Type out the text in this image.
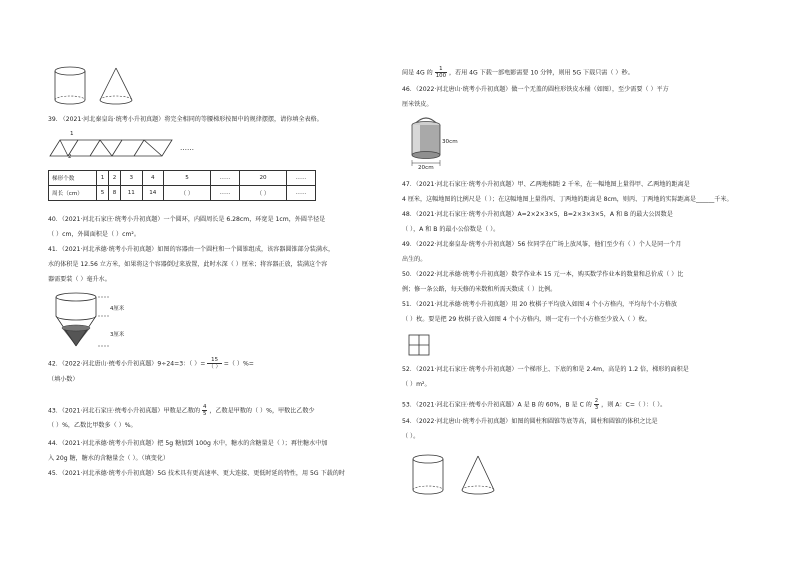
39. （2021·河北秦皇岛·统考小升初真题）将完全相同的等腰梯形按图中的规律摆摆，请你填全表格。
1
2
……
梯形个数	1	2	3	4	5	……	20	……
周长（cm）	5	8	11	14	（ ）	……	（ ）	……
40．（2021·河北石家庄·统考小升初真题）一个圆环，内圆周长是 6.28cm，环宽是 1cm，外圆半径是
（ ）cm，外圆面积是（ ）cm²。
41．（2021·河北承德·统考小升初真题）如图的容器由一个圆柱和一个圆锥组成，该容器圆锥部分装满水，
水的体积是 12.56 立方米，如果将这个容器倒过来放置，此时水深（ ）厘米；将容器正放，装满这个容
器需要装（ ）毫升水。
4厘米
3厘米
42．（2022·河北唐山·统考小升初真题）9÷24=3：（ ）= $\frac{15}{( )}$ =（ ）%=
（填小数）
43．（2021·河北石家庄·统考小升初真题）甲数是乙数的 $\frac{4}{5}$ ，乙数是甲数的（ ）%，甲数比乙数少
（ ）%，乙数比甲数多（ ）%。
44．（2021·河北承德·统考小升初真题）把 5g 糖加到 100g 水中，糖水的含糖量是（ ）；再往糖水中加
入 20g 糖，糖水的含糖量会（ ）。（填变化）
45．（2021·河北承德·统考小升初真题）5G 技术具有更高速率、更大连接、更低时延的特性，用 5G 下载的时
间是 4G 的 $\frac{1}{100}$ ，若用 4G 下载一部电影需要 10 分钟，则用 5G 下载只需（ ）秒。
46．（2022·河北唐山·统考小升初真题）做一个无盖的圆柱形铁皮水桶（如图），至少需要（ ）平方
厘米铁皮。
30cm
20cm
47．（2021·河北石家庄·统考小升初真题）甲、乙两地相距 2 千米，在一幅地图上量得甲、乙两地的距离是
4 厘米，这幅地图的比例尺是（ ）；在这幅地图上量得丙、丁两地的距离是 8cm，则丙、丁两地的实际距离是______千米。
48．（2021·河北石家庄·统考小升初真题）A=2×2×3×5，B=2×3×3×5，A 和 B 的最大公因数是
（ ），A 和 B 的最小公倍数是（ ）。
49．（2022·河北秦皇岛·统考小升初真题）56 位同学在广场上放风筝，他们至少有（ ）个人是同一个月
出生的。
50．（2022·河北承德·统考小升初真题）数学作业本 15 元一本，购买数学作业本的数量和总价成（ ）比
例；修一条公路，每天修的米数和所需天数成（ ）比例。
51．（2021·河北承德·统考小升初真题）用 20 枚棋子平均放入如图 4 个小方格内，平均每个小方格放
（ ）枚。要是把 29 枚棋子放入如图 4 个小方格内，则一定有一个小方格至少放入（ ）枚。
52．（2021·河北石家庄·统考小升初真题）一个梯形上、下底的和是 2.4m，高是的 1.2 倍，梯形的面积是
（ ）m²。
53．（2021·河北石家庄·统考小升初真题）A 是 B 的 60%，B 是 C 的 $\frac{2}{3}$ ，则 A：C=（ ）：（ ）。
54．（2022·河北唐山·统考小升初真题）如图的圆柱和圆锥等底等高，圆柱和圆锥的体积之比是
（ ）。
